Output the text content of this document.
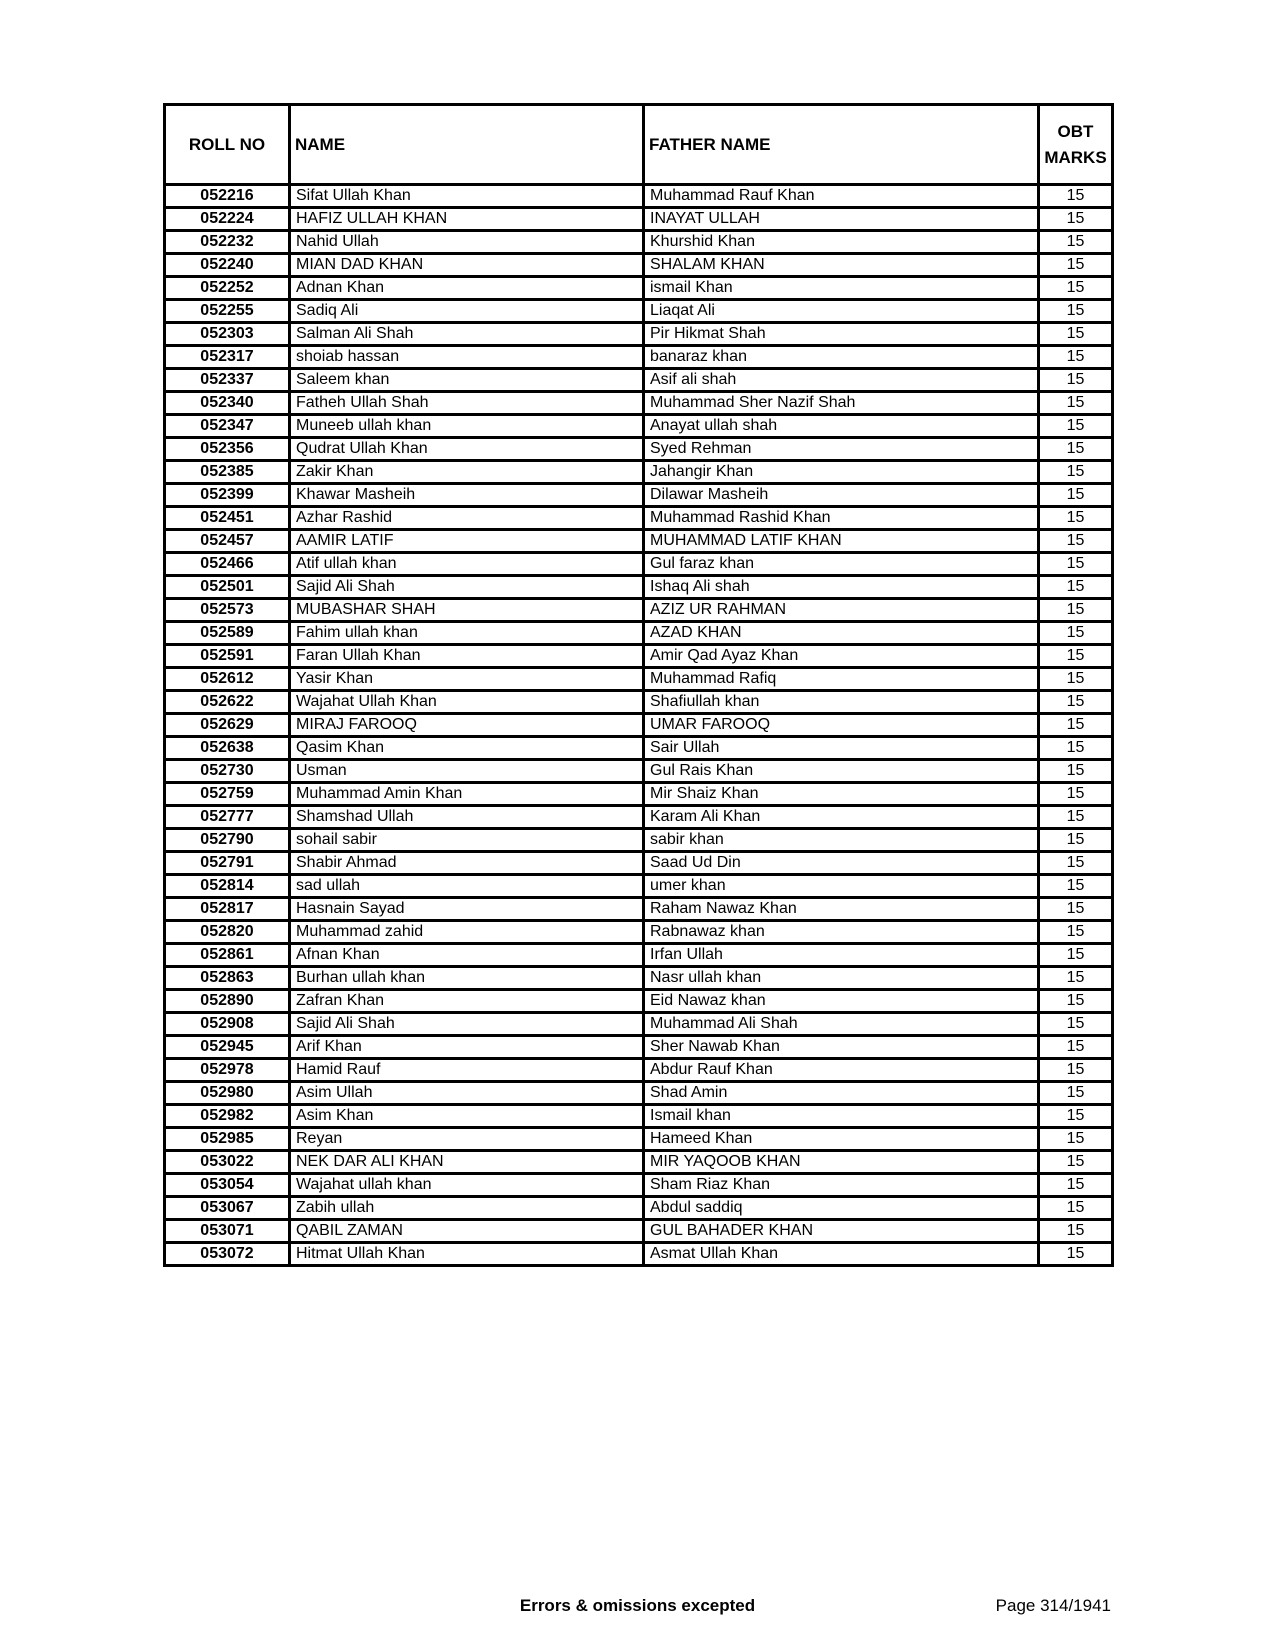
ROLL NO	NAME	FATHER NAME	OBT MARKS
052216	Sifat Ullah Khan	Muhammad Rauf Khan	15
052224	HAFIZ ULLAH KHAN	INAYAT ULLAH	15
052232	Nahid Ullah	Khurshid Khan	15
052240	MIAN DAD KHAN	SHALAM KHAN	15
052252	Adnan Khan	ismail Khan	15
052255	Sadiq Ali	Liaqat Ali	15
052303	Salman Ali Shah	Pir Hikmat Shah	15
052317	shoiab hassan	banaraz khan	15
052337	Saleem khan	Asif ali shah	15
052340	Fatheh Ullah Shah	Muhammad Sher Nazif Shah	15
052347	Muneeb ullah khan	Anayat ullah shah	15
052356	Qudrat Ullah Khan	Syed Rehman	15
052385	Zakir Khan	Jahangir Khan	15
052399	Khawar Masheih	Dilawar Masheih	15
052451	Azhar Rashid	Muhammad Rashid Khan	15
052457	AAMIR LATIF	MUHAMMAD LATIF KHAN	15
052466	Atif ullah khan	Gul faraz khan	15
052501	Sajid Ali Shah	Ishaq Ali shah	15
052573	MUBASHAR SHAH	AZIZ UR RAHMAN	15
052589	Fahim ullah khan	AZAD KHAN	15
052591	Faran Ullah Khan	Amir Qad Ayaz Khan	15
052612	Yasir Khan	Muhammad Rafiq	15
052622	Wajahat Ullah Khan	Shafiullah khan	15
052629	MIRAJ FAROOQ	UMAR FAROOQ	15
052638	Qasim Khan	Sair Ullah	15
052730	Usman	Gul Rais Khan	15
052759	Muhammad Amin Khan	Mir Shaiz Khan	15
052777	Shamshad Ullah	Karam Ali Khan	15
052790	sohail sabir	sabir khan	15
052791	Shabir Ahmad	Saad Ud Din	15
052814	sad ullah	umer khan	15
052817	Hasnain Sayad	Raham Nawaz Khan	15
052820	Muhammad zahid	Rabnawaz khan	15
052861	Afnan Khan	Irfan Ullah	15
052863	Burhan ullah khan	Nasr ullah khan	15
052890	Zafran Khan	Eid Nawaz khan	15
052908	Sajid Ali Shah	Muhammad Ali Shah	15
052945	Arif Khan	Sher Nawab Khan	15
052978	Hamid Rauf	Abdur Rauf Khan	15
052980	Asim Ullah	Shad Amin	15
052982	Asim Khan	Ismail khan	15
052985	Reyan	Hameed Khan	15
053022	NEK DAR ALI KHAN	MIR YAQOOB KHAN	15
053054	Wajahat ullah khan	Sham Riaz Khan	15
053067	Zabih ullah	Abdul saddiq	15
053071	QABIL ZAMAN	GUL BAHADER KHAN	15
053072	Hitmat Ullah Khan	Asmat Ullah Khan	15
Errors & omissions excepted	Page 314/1941
